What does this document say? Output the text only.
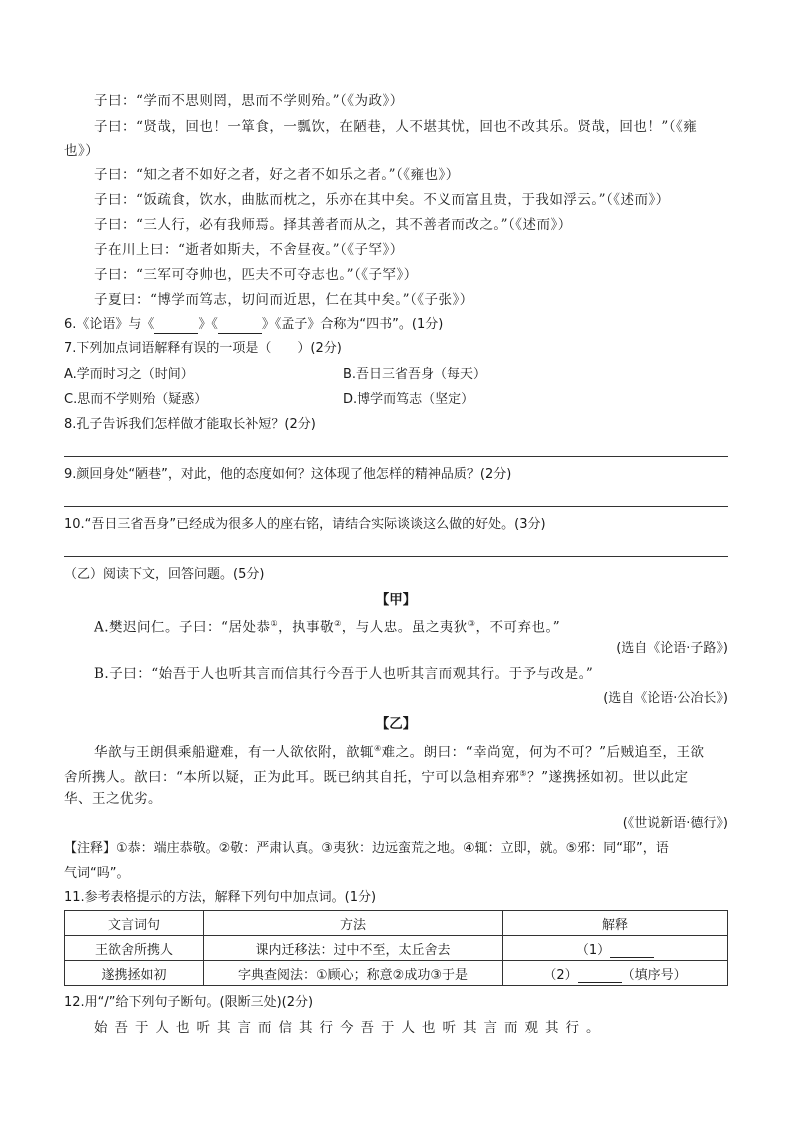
子曰：“学而不思则罔，思而不学则殆。”（《为政》）
子曰：“贤哉，回也！一箪食，一瓢饮，在陋巷，人不堪其忧，回也不改其乐。贤哉，回也！”（《雍
也》）
子曰：“知之者不如好之者，好之者不如乐之者。”（《雍也》）
子曰：“饭疏食，饮水，曲肱而枕之，乐亦在其中矣。不义而富且贵，于我如浮云。”（《述而》）
子曰：“三人行，必有我师焉。择其善者而从之，其不善者而改之。”（《述而》）
子在川上曰：“逝者如斯夫，不舍昼夜。”（《子罕》）
子曰：“三军可夺帅也，匹夫不可夺志也。”（《子罕》）
子夏曰：“博学而笃志，切问而近思，仁在其中矣。”（《子张》）
6.《论语》与《	》《	》《孟子》合称为“四书”。(1分)
7.下列加点词语解释有误的一项是（　　）(2分)
A.学而时习之（时间）	B.吾日三省吾身（每天）
C.思而不学则殆（疑惑）	D.博学而笃志（坚定）
8.孔子告诉我们怎样做才能取长补短？(2分)
9.颜回身处“陋巷”，对此，他的态度如何？这体现了他怎样的精神品质？(2分)
10.“吾日三省吾身”已经成为很多人的座右铭，请结合实际谈谈这么做的好处。(3分)
（乙）阅读下文，回答问题。(5分)
【甲】
A.樊迟问仁。子曰：“居处恭①，执事敬②，与人忠。虽之夷狄③，不可弃也。”
(选自《论语·子路》)
B.子曰：“始吾于人也听其言而信其行今吾于人也听其言而观其行。于予与改是。”
(选自《论语·公冶长》)
【乙】
华歆与王朗俱乘船避难，有一人欲依附，歆辄④难之。朗曰：“幸尚宽，何为不可？”后贼追至，王欲
舍所携人。歆曰：“本所以疑，正为此耳。既已纳其自托，宁可以急相弃邪⑤？”遂携拯如初。世以此定
华、王之优劣。
(《世说新语·德行》)
【注释】①恭：端庄恭敬。②敬：严肃认真。③夷狄：边远蛮荒之地。④辄：立即，就。⑤邪：同“耶”，语
气词“吗”。
11.参考表格提示的方法，解释下列句中加点词。(1分)
文言词句	方法	解释
王欲舍所携人	课内迁移法：过中不至，太丘舍去	（1）
遂携拯如初	字典查阅法：①顾心；称意②成功③于是	（2） （填序号）
12.用“/”给下列句子断句。(限断三处)(2分)
始吾于人也听其言而信其行今吾于人也听其言而观其行。
